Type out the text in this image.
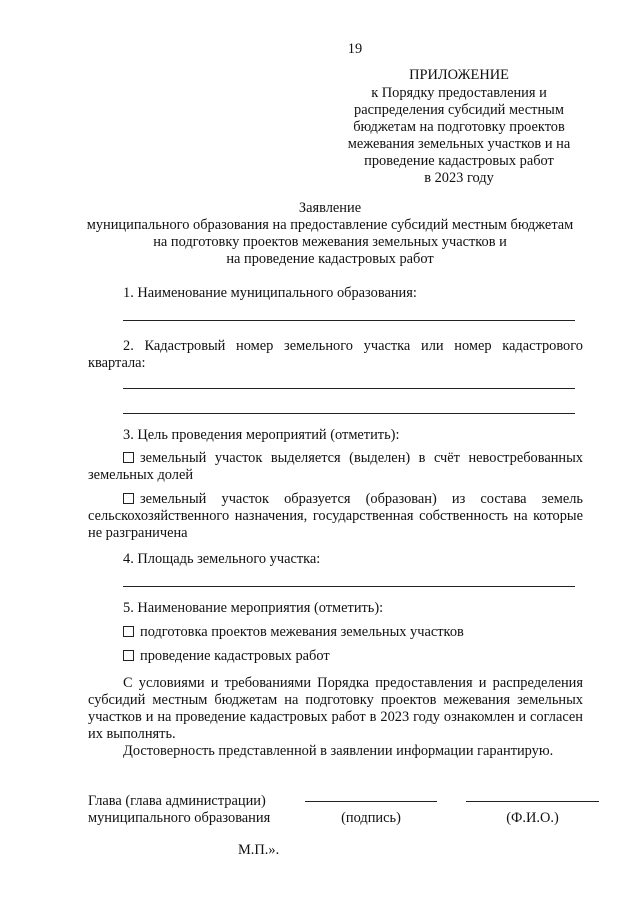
19
ПРИЛОЖЕНИЕ
к Порядку предоставления и
распределения субсидий местным
бюджетам на подготовку проектов
межевания земельных участков и на
проведение кадастровых работ
в 2023 году
Заявление
муниципального образования на предоставление субсидий местным бюджетам
на подготовку проектов межевания земельных участков и
на проведение кадастровых работ
1. Наименование муниципального образования:
2. Кадастровый номер земельного участка или номер кадастрового
квартала:
3. Цель проведения мероприятий (отметить):
земельный участок выделяется (выделен) в счёт невостребованных
земельных долей
земельный участок образуется (образован) из состава земель
сельскохозяйственного назначения, государственная собственность на которые
не разграничена
4. Площадь земельного участка:
5. Наименование мероприятия (отметить):
подготовка проектов межевания земельных участков
проведение кадастровых работ
С условиями и требованиями Порядка предоставления и распределения
субсидий местным бюджетам на подготовку проектов межевания земельных
участков и на проведение кадастровых работ в 2023 году ознакомлен и согласен
их выполнять.
Достоверность представленной в заявлении информации гарантирую.
Глава (глава администрации)
муниципального образования	(подпись)	(Ф.И.О.)
М.П.».
